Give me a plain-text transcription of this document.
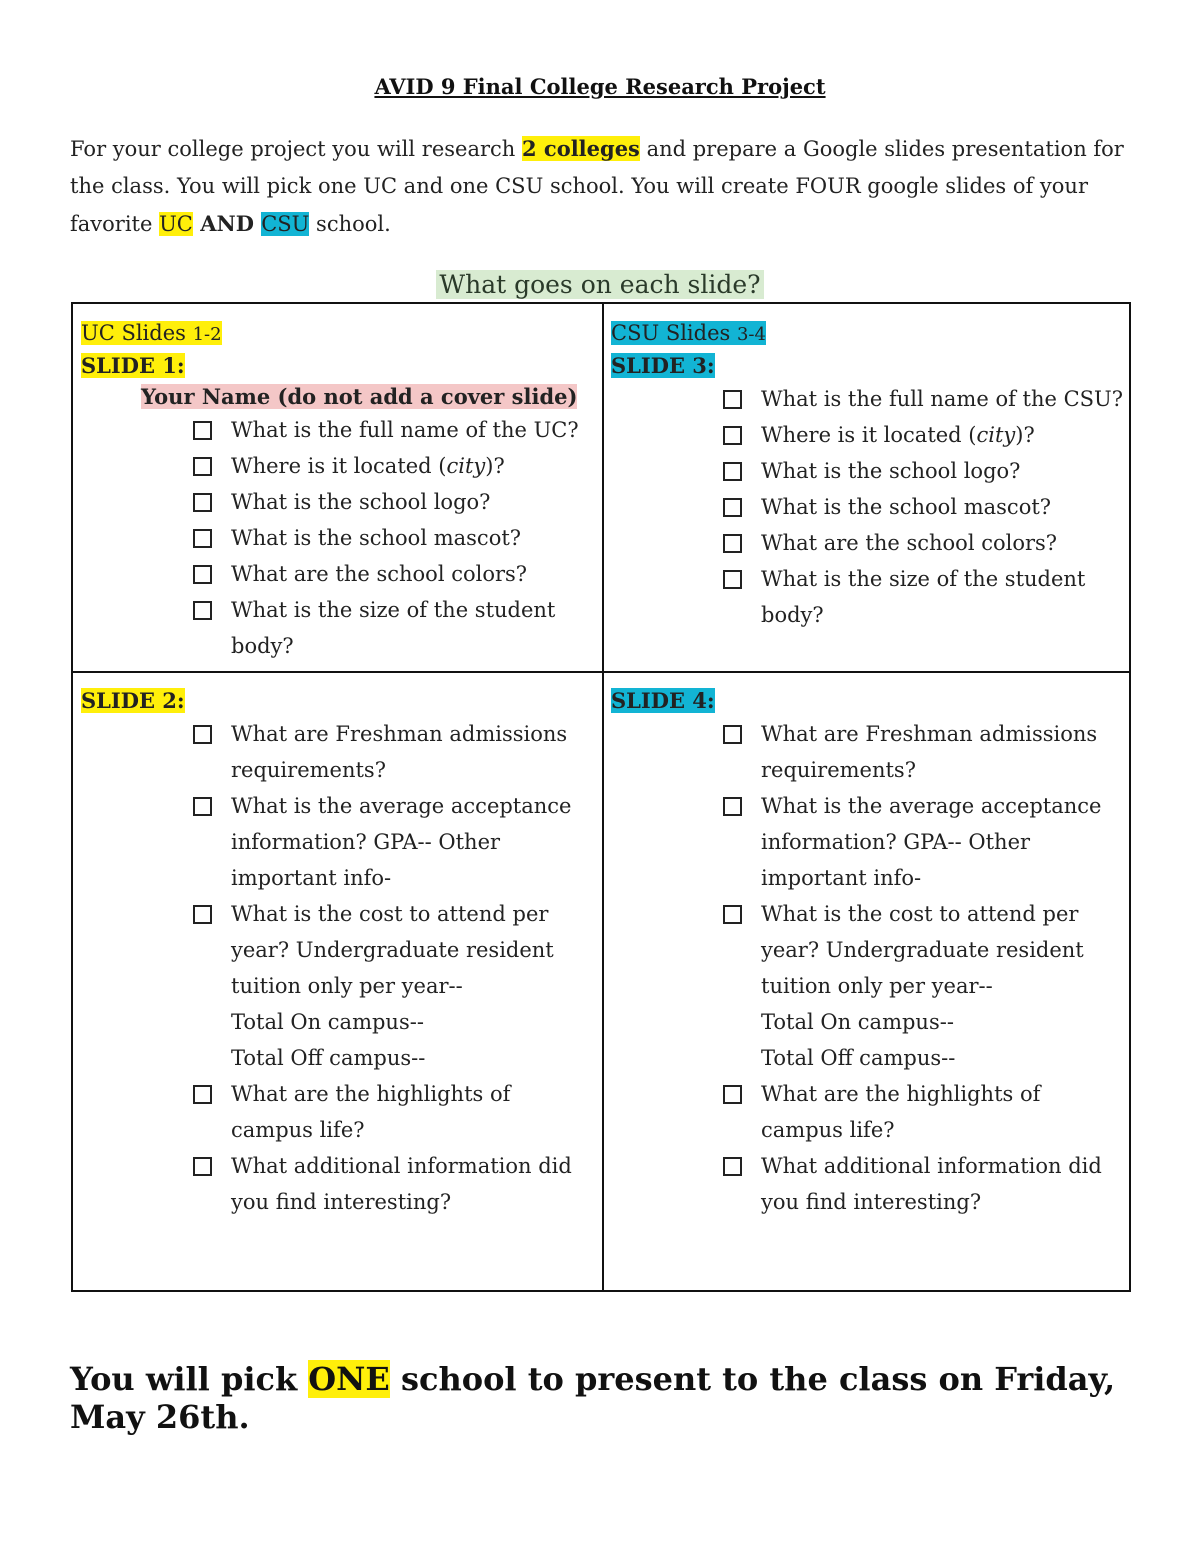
AVID 9 Final College Research Project
For your college project you will research 2 colleges and prepare a Google slides presentation for the class. You will pick one UC and one CSU school. You will create FOUR google slides of your favorite UC AND CSU school.
What goes on each slide?
UC Slides 1-2
SLIDE 1:
Your Name (do not add a cover slide)
What is the full name of the UC?
Where is it located (city)?
What is the school logo?
What is the school mascot?
What are the school colors?
What is the size of the student body?
CSU Slides 3-4
SLIDE 3:
What is the full name of the CSU?
Where is it located (city)?
What is the school logo?
What is the school mascot?
What are the school colors?
What is the size of the student body?
SLIDE 2:
What are Freshman admissions requirements?
What is the average acceptance information? GPA-- Other important info-
What is the cost to attend per year? Undergraduate resident tuition only per year--
Total On campus--
Total Off campus--
What are the highlights of campus life?
What additional information did you find interesting?
SLIDE 4:
What are Freshman admissions requirements?
What is the average acceptance information? GPA-- Other important info-
What is the cost to attend per year? Undergraduate resident tuition only per year--
Total On campus--
Total Off campus--
What are the highlights of campus life?
What additional information did you find interesting?
You will pick ONE school to present to the class on Friday, May 26th.
